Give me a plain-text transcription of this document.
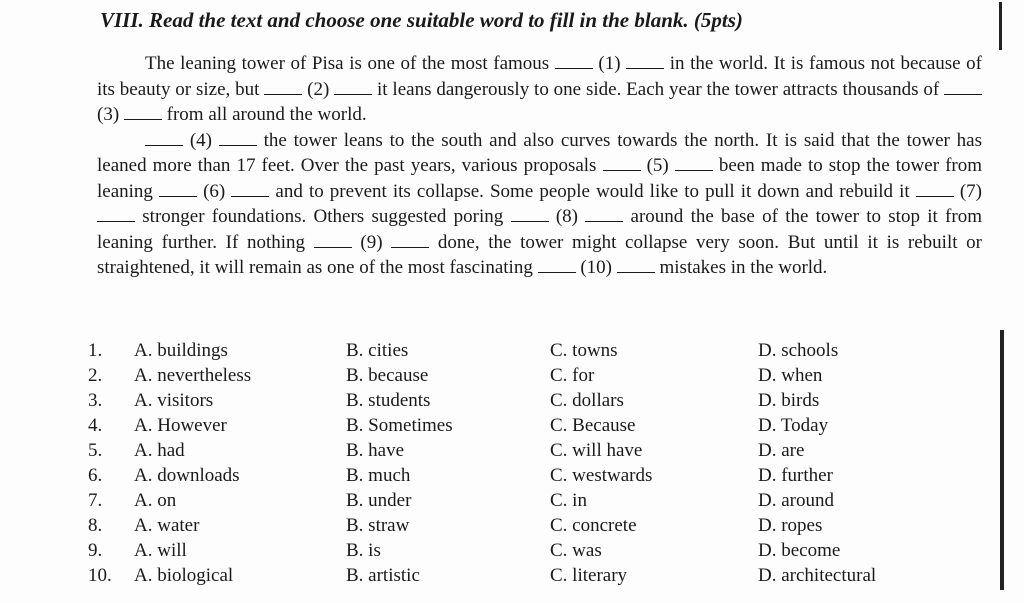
VIII. Read the text and choose one suitable word to fill in the blank. (5pts)

The leaning tower of Pisa is one of the most famous  (1)  in the world. It is famous not because of its beauty or size, but  (2)  it leans dangerously to one side. Each year the tower attracts thousands of  (3)  from all around the world.

(4)  the tower leans to the south and also curves towards the north. It is said that the tower has leaned more than 17 feet. Over the past years, various proposals  (5)  been made to stop the tower from leaning  (6)  and to prevent its collapse. Some people would like to pull it down and rebuild it  (7)  stronger foundations. Others suggested poring  (8)  around the base of the tower to stop it from leaning further. If nothing  (9)  done, the tower might collapse very soon. But until it is rebuilt or straightened, it will remain as one of the most fascinating  (10)  mistakes in the world.

1. A. buildings	B. cities	C. towns	D. schools
2. A. nevertheless	B. because	C. for	D. when
3. A. visitors	B. students	C. dollars	D. birds
4. A. However	B. Sometimes	C. Because	D. Today
5. A. had	B. have	C. will have	D. are
6. A. downloads	B. much	C. westwards	D. further
7. A. on	B. under	C. in	D. around
8. A. water	B. straw	C. concrete	D. ropes
9. A. will	B. is	C. was	D. become
10. A. biological	B. artistic	C. literary	D. architectural
